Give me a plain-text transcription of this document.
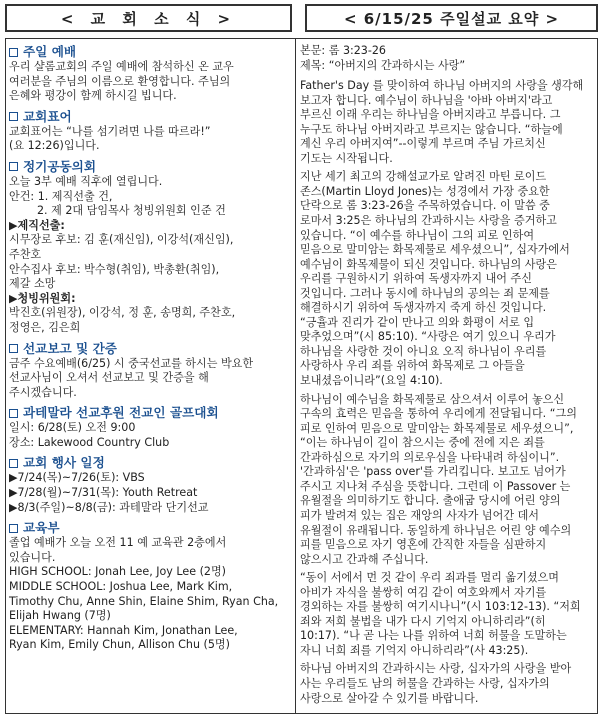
< 교 회 소 식 >	< 6/15/25 주일설교 요약 >
주일 예배

우리 샬롬교회의 주일 예배에 참석하신 온 교우

여러분을 주님의 이름으로 환영합니다. 주님의

은혜와 평강이 함께 하시길 빕니다.

교회표어

교회표어는 “나를 섬기려면 나를 따르라!”

(요 12:26)입니다.

정기공동의회

오늘 3부 예배 직후에 열립니다.

안건: 1. 제직선출 건,

2. 제 2대 담임목사 청빙위원회 인준 건

▶제직선출:

시무장로 후보: 김 훈(재신임), 이강석(재신임),

주찬호

안수집사 후보: 박수형(취임), 박총환(취임),

제갈 소망

▶청빙위원회:

박진호(위원장), 이강석, 정 훈, 송명희, 주찬호,

정영은, 김은희

선교보고 및 간증

금주 수요예배(6/25) 시 중국선교를 하시는 박요한

선교사님이 오셔서 선교보고 및 간증을 해

주시겠습니다.

과테말라 선교후원 전교인 골프대회

일시: 6/28(토) 오전 9:00

장소: Lakewood Country Club

교회 행사 일정

▶7/24(목)~7/26(토): VBS

▶7/28(월)~7/31(목): Youth Retreat

▶8/3(주일)~8/8(금): 과테말라 단기선교

교육부

졸업 예배가 오늘 오전 11 예 교육관 2층에서

있습니다.

HIGH SCHOOL: Jonah Lee, Joy Lee (2명)

MIDDLE SCHOOL: Joshua Lee, Mark Kim,

Timothy Chu, Anne Shin, Elaine Shim, Ryan Cha,

Elijah Hwang (7명)

ELEMENTARY: Hannah Kim, Jonathan Lee,

Ryan Kim, Emily Chun, Allison Chu (5명)

본문: 롬 3:23-26

제목: “아버지의 간과하시는 사랑”

Father's Day 를 맞이하여 하나님 아버지의 사랑을 생각해
보고자 합니다. 예수님이 하나님을 '아바 아버지'라고
부르신 이래 우리는 하나님을 아버지라고 부릅니다. 그
누구도 하나님 아버지라고 부르지는 않습니다. “하늘에
계신 우리 아버지여”--이렇게 부르며 주님 가르치신
기도는 시작됩니다.

지난 세기 최고의 강해설교가로 알려진 마틴 로이드
존스(Martin Lloyd Jones)는 성경에서 가장 중요한
단락으로 롬 3:23-26을 주목하였습니다. 이 말씀 중
로마서 3:25은 하나님의 간과하시는 사랑을 증거하고
있습니다. “이 예수를 하나님이 그의 피로 인하여
믿음으로 말미암는 화목제물로 세우셨으니”, 십자가에서
예수님이 화목제물이 되신 것입니다. 하나님의 사랑은
우리를 구원하시기 위하여 독생자까지 내어 주신
것입니다. 그러나 동시에 하나님의 공의는 죄 문제를
해결하시기 위하여 독생자까지 죽게 하신 것입니다.
“긍휼과 진리가 같이 만나고 의와 화평이 서로 입
맞추었으며”(시 85:10). “사랑은 여기 있으니 우리가
하나님을 사랑한 것이 아니요 오직 하나님이 우리를
사랑하사 우리 죄를 위하여 화목제로 그 아들을
보내셨음이니라”(요일 4:10).

하나님이 예수님을 화목제물로 삼으셔서 이루어 놓으신
구속의 효력은 믿음을 통하여 우리에게 전달됩니다. “그의
피로 인하여 믿음으로 말미암는 화목제물로 세우셨으니”,
“이는 하나님이 길이 참으시는 중에 전에 지은 죄를
간과하심으로 자기의 의로우심을 나타내려 하심이니”.
'간과하심'은 'pass over'를 가리킵니다. 보고도 넘어가
주시고 지나쳐 주심을 뜻합니다. 그런데 이 Passover 는
유월절을 의미하기도 합니다. 출애굽 당시에 어린 양의
피가 발려져 있는 집은 재앙의 사자가 넘어간 데서
유월절이 유래됩니다. 동일하게 하나님은 어린 양 예수의
피를 믿음으로 자기 영혼에 간직한 자들을 심판하지
않으시고 간과해 주십니다.

“동이 서에서 먼 것 같이 우리 죄과를 멀리 옮기셨으며
아비가 자식을 불쌍히 여김 같이 여호와께서 자기를
경외하는 자를 불쌍히 여기시나니”(시 103:12-13). “저희
죄와 저희 불법을 내가 다시 기억지 아니하리라”(히
10:17). “나 곧 나는 나를 위하여 너희 허물을 도말하는
자니 너희 죄를 기억지 아니하리라”(사 43:25).

하나님 아버지의 간과하시는 사랑, 십자가의 사랑을 받아
사는 우리들도 남의 허물을 간과하는 사랑, 십자가의
사랑으로 살아갈 수 있기를 바랍니다.
